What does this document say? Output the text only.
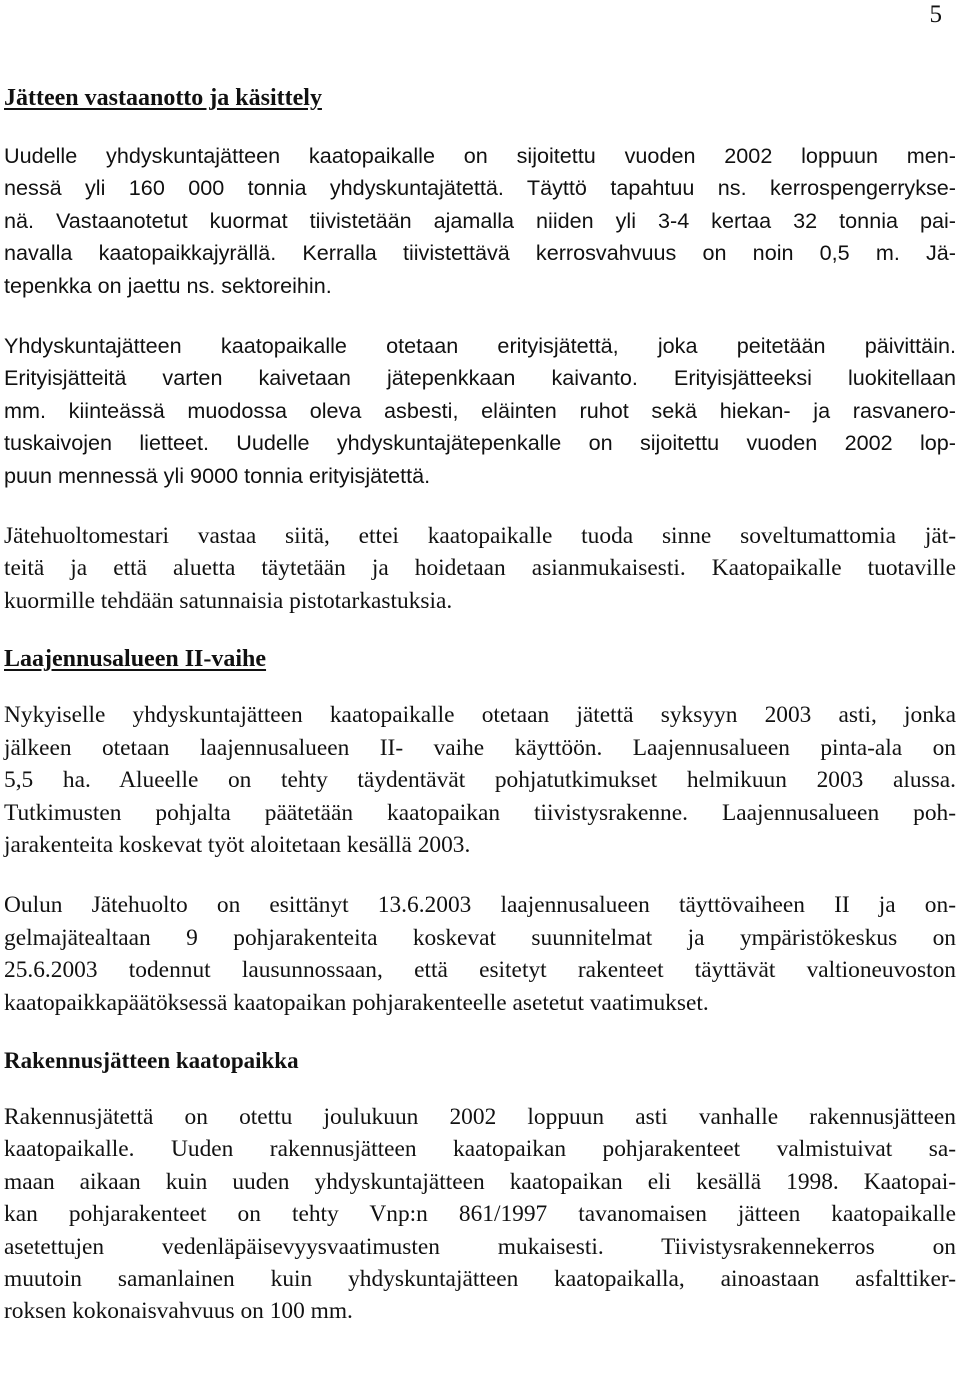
5
Jätteen vastaanotto ja käsittely

Uudelle yhdyskuntajätteen kaatopaikalle on sijoitettu vuoden 2002 loppuun men-
nessä yli 160 000 tonnia yhdyskuntajätettä. Täyttö tapahtuu ns. kerrospengerrykse-
nä. Vastaanotetut kuormat tiivistetään ajamalla niiden yli 3-4 kertaa 32 tonnia pai-
navalla kaatopaikkajyrällä. Kerralla tiivistettävä kerrosvahvuus on noin 0,5 m. Jä-
tepenkka on jaettu ns. sektoreihin.

Yhdyskuntajätteen kaatopaikalle otetaan erityisjätettä, joka peitetään päivittäin.
Erityisjätteitä varten kaivetaan jätepenkkaan kaivanto. Erityisjätteeksi luokitellaan
mm. kiinteässä muodossa oleva asbesti, eläinten ruhot sekä hiekan- ja rasvanero-
tuskaivojen lietteet. Uudelle yhdyskuntajätepenkalle on sijoitettu vuoden 2002 lop-
puun mennessä yli 9000 tonnia erityisjätettä.

Jätehuoltomestari vastaa siitä, ettei kaatopaikalle tuoda sinne soveltumattomia jät-
teitä ja että aluetta täytetään ja hoidetaan asianmukaisesti. Kaatopaikalle tuotaville
kuormille tehdään satunnaisia pistotarkastuksia.

Laajennusalueen II-vaihe

Nykyiselle yhdyskuntajätteen kaatopaikalle otetaan jätettä syksyyn 2003 asti, jonka
jälkeen otetaan laajennusalueen II- vaihe käyttöön. Laajennusalueen pinta-ala on
5,5 ha. Alueelle on tehty täydentävät pohjatutkimukset helmikuun 2003 alussa.
Tutkimusten pohjalta päätetään kaatopaikan tiivistysrakenne. Laajennusalueen poh-
jarakenteita koskevat työt aloitetaan kesällä 2003.

Oulun Jätehuolto on esittänyt 13.6.2003 laajennusalueen täyttövaiheen II ja on-
gelmajätealtaan 9 pohjarakenteita koskevat suunnitelmat ja ympäristökeskus on
25.6.2003 todennut lausunnossaan, että esitetyt rakenteet täyttävät valtioneuvoston
kaatopaikkapäätöksessä kaatopaikan pohjarakenteelle asetetut vaatimukset.

Rakennusjätteen kaatopaikka

Rakennusjätettä on otettu joulukuun 2002 loppuun asti vanhalle rakennusjätteen
kaatopaikalle. Uuden rakennusjätteen kaatopaikan pohjarakenteet valmistuivat sa-
maan aikaan kuin uuden yhdyskuntajätteen kaatopaikan eli kesällä 1998. Kaatopai-
kan pohjarakenteet on tehty Vnp:n 861/1997 tavanomaisen jätteen kaatopaikalle
asetettujen vedenläpäisevyysvaatimusten mukaisesti. Tiivistysrakennekerros on
muutoin samanlainen kuin yhdyskuntajätteen kaatopaikalla, ainoastaan asfalttiker-
roksen kokonaisvahvuus on 100 mm.
